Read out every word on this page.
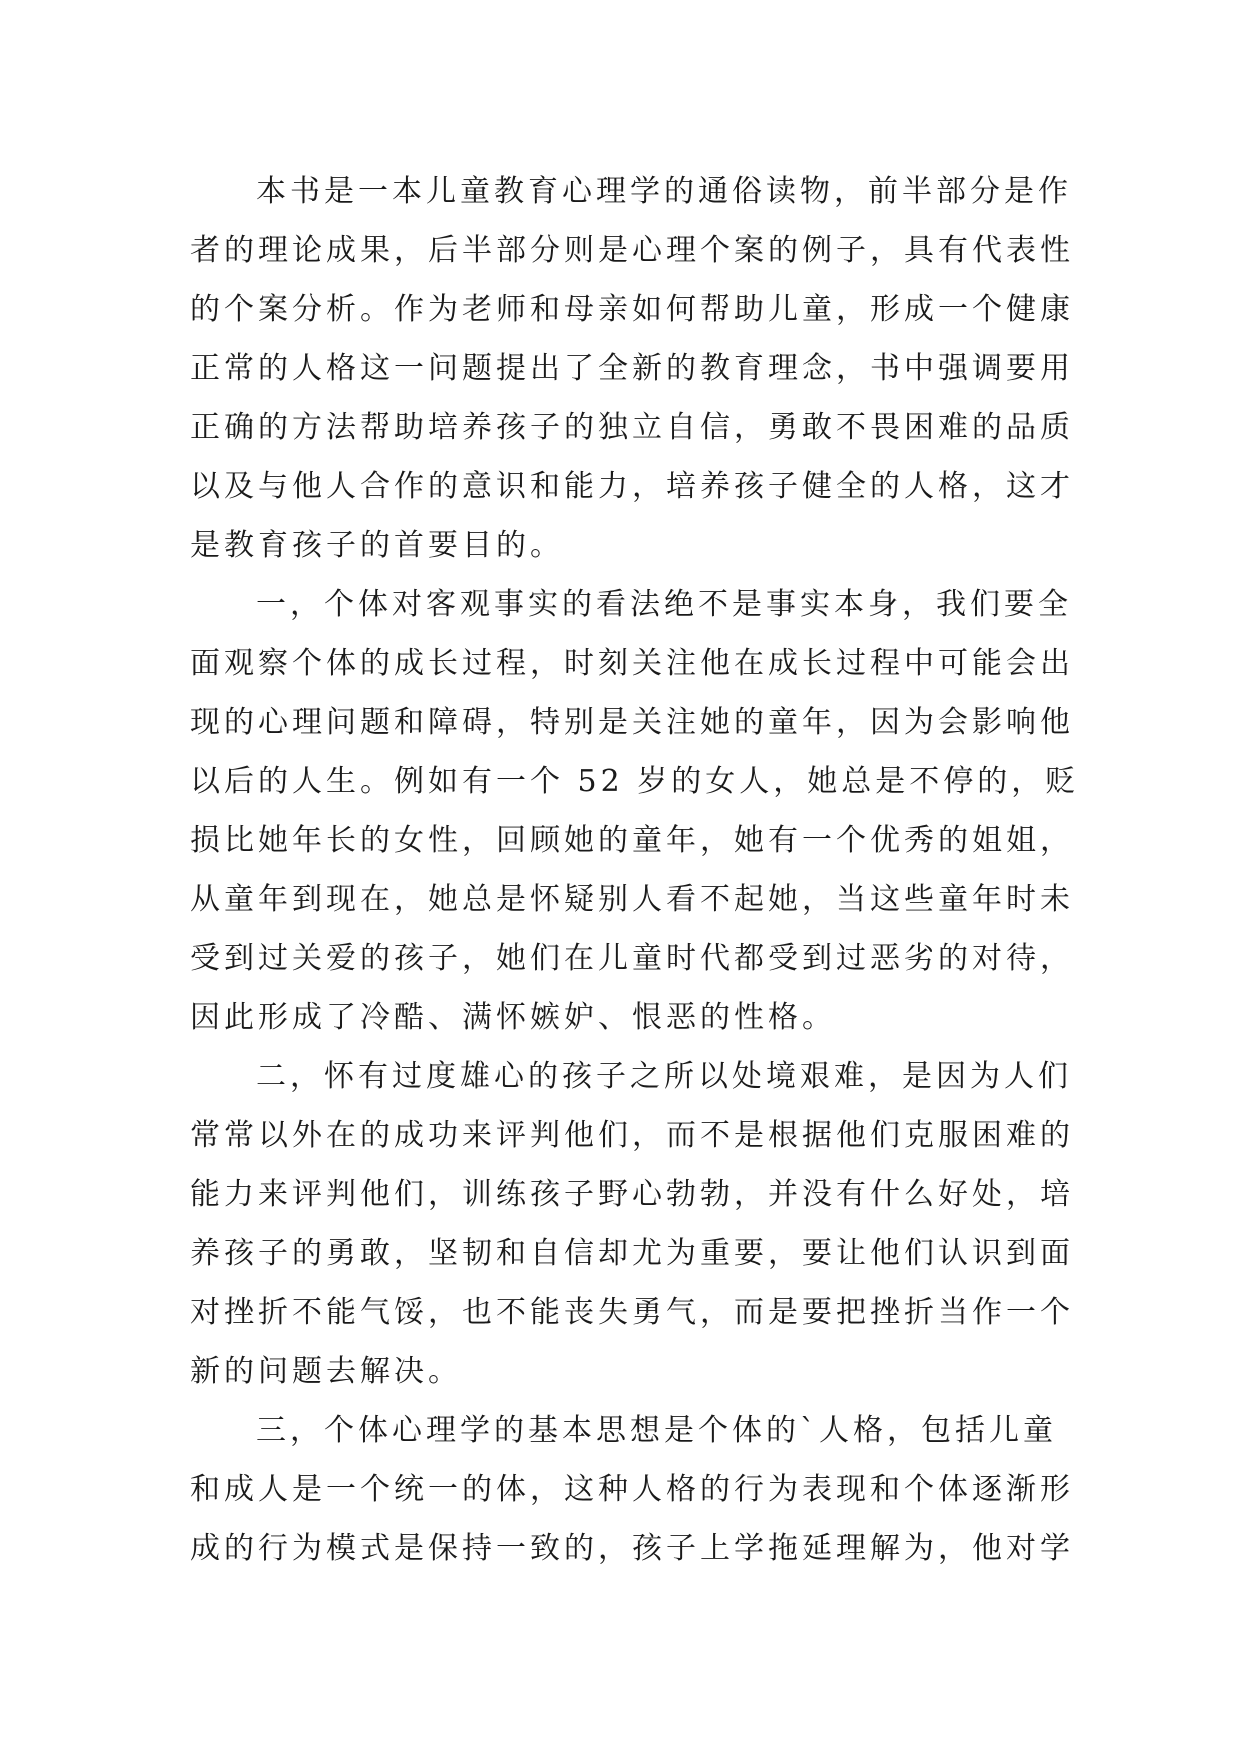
本书是一本儿童教育心理学的通俗读物，前半部分是作
者的理论成果，后半部分则是心理个案的例子，具有代表性
的个案分析。作为老师和母亲如何帮助儿童，形成一个健康
正常的人格这一问题提出了全新的教育理念，书中强调要用
正确的方法帮助培养孩子的独立自信，勇敢不畏困难的品质
以及与他人合作的意识和能力，培养孩子健全的人格，这才
是教育孩子的首要目的。
一，个体对客观事实的看法绝不是事实本身，我们要全
面观察个体的成长过程，时刻关注他在成长过程中可能会出
现的心理问题和障碍，特别是关注她的童年，因为会影响他
以后的人生。例如有一个 52 岁的女人，她总是不停的，贬
损比她年长的女性，回顾她的童年，她有一个优秀的姐姐，
从童年到现在，她总是怀疑别人看不起她，当这些童年时未
受到过关爱的孩子，她们在儿童时代都受到过恶劣的对待，
因此形成了冷酷、满怀嫉妒、恨恶的性格。
二，怀有过度雄心的孩子之所以处境艰难，是因为人们
常常以外在的成功来评判他们，而不是根据他们克服困难的
能力来评判他们，训练孩子野心勃勃，并没有什么好处，培
养孩子的勇敢，坚韧和自信却尤为重要，要让他们认识到面
对挫折不能气馁，也不能丧失勇气，而是要把挫折当作一个
新的问题去解决。
三，个体心理学的基本思想是个体的`人格，包括儿童
和成人是一个统一的体，这种人格的行为表现和个体逐渐形
成的行为模式是保持一致的，孩子上学拖延理解为，他对学
